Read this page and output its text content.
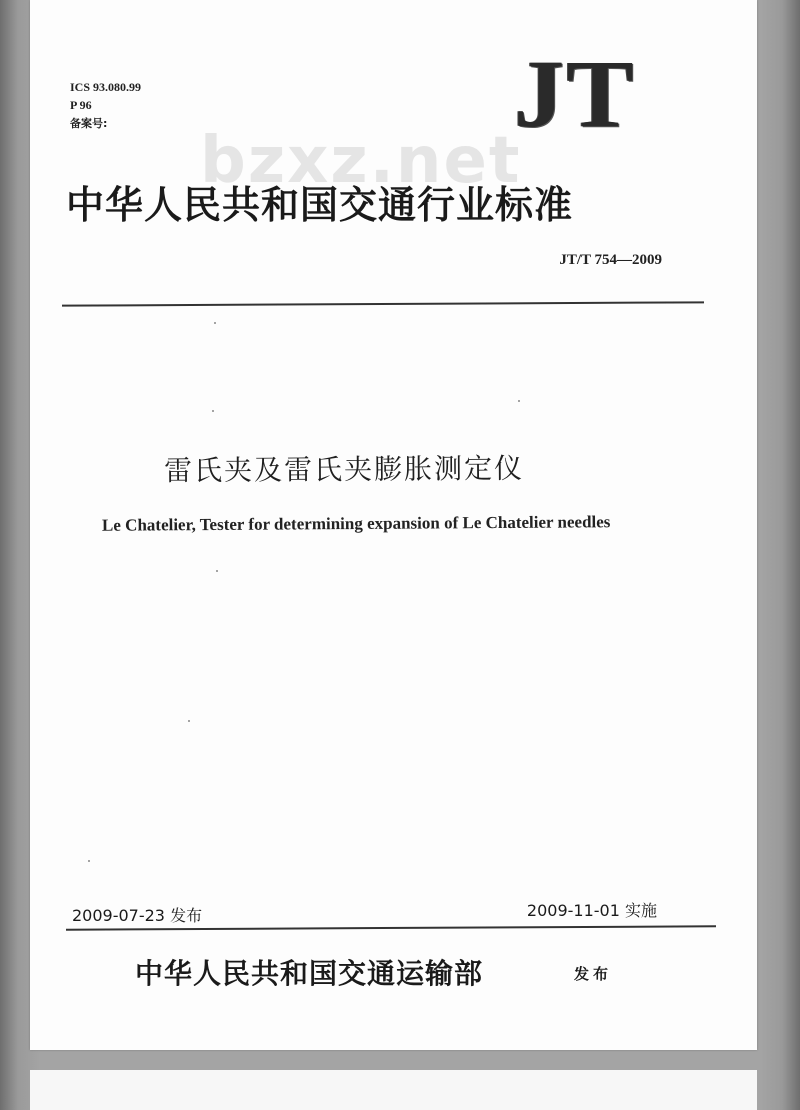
ICS 93.080.99
P 96
备案号:	JT
bzxz.net
中华人民共和国交通行业标准
JT/T 754—2009
雷氏夹及雷氏夹膨胀测定仪
Le Chatelier, Tester for determining expansion of Le Chatelier needles
2009-07-23 发布	2009-11-01 实施
中华人民共和国交通运输部	发布
